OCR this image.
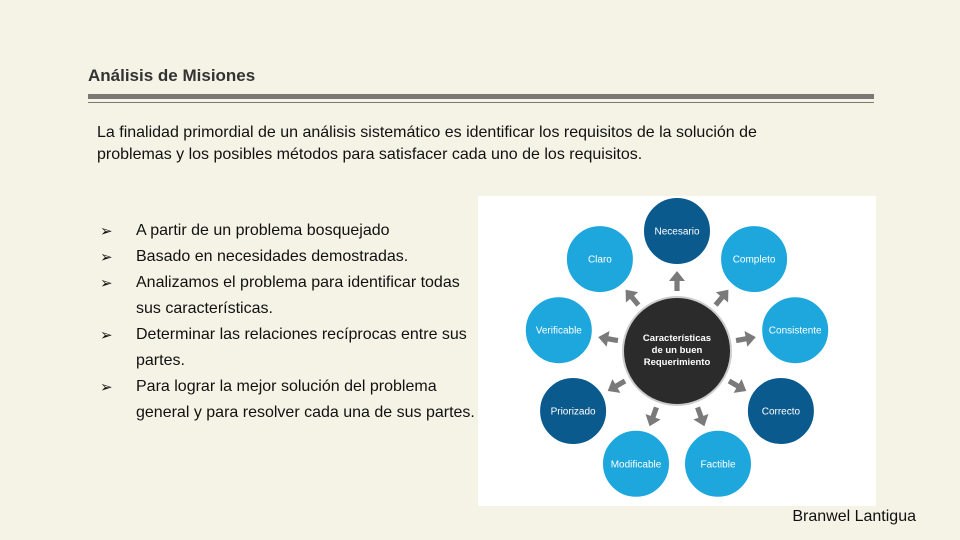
Análisis de Misiones
La finalidad primordial de un análisis sistemático es identificar los requisitos de la solución de problemas y los posibles métodos para satisfacer cada uno de los requisitos.
➢	A partir de un problema bosquejado
➢	Basado en necesidades demostradas.
➢	Analizamos el problema para identificar todas sus características.
➢	Determinar las relaciones recíprocas entre sus partes.
➢	Para lograr la mejor solución del problema general y para resolver cada una de sus partes.
Necesario
Completo
Consistente
Correcto
Factible
Modificable
Priorizado
Verificable
Claro
Características
de un buen
Requerimiento
Branwel Lantigua
